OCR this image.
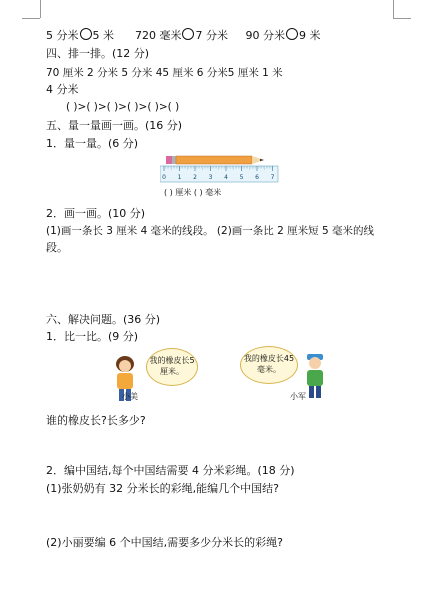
5 分米 5 米 720 毫米 7 分米 90 分米 9 米
四、排一排。(12 分)
70 厘米 2 分米 5 分米 45 厘米 6 分米5 厘米 1 米
4 分米
( )>( )>( )>( )>( )>( )
五、量一量画一画。(16 分)
1．量一量。(6 分)
0 1 2 3 4 5 6 7
( ) 厘米 ( ) 毫米
2．画一画。(10 分)
(1)画一条长 3 厘米 4 毫米的线段。 (2)画一条比 2 厘米短 5 毫米的线
段。
六、解决问题。(36 分)
1．比一比。(9 分)
我的橡皮长5厘米。
小美
我的橡皮长45毫米。
小军
谁的橡皮长?长多少?
2．编中国结,每个中国结需要 4 分米彩绳。(18 分)
(1)张奶奶有 32 分米长的彩绳,能编几个中国结?
(2)小丽要编 6 个中国结,需要多少分米长的彩绳?
